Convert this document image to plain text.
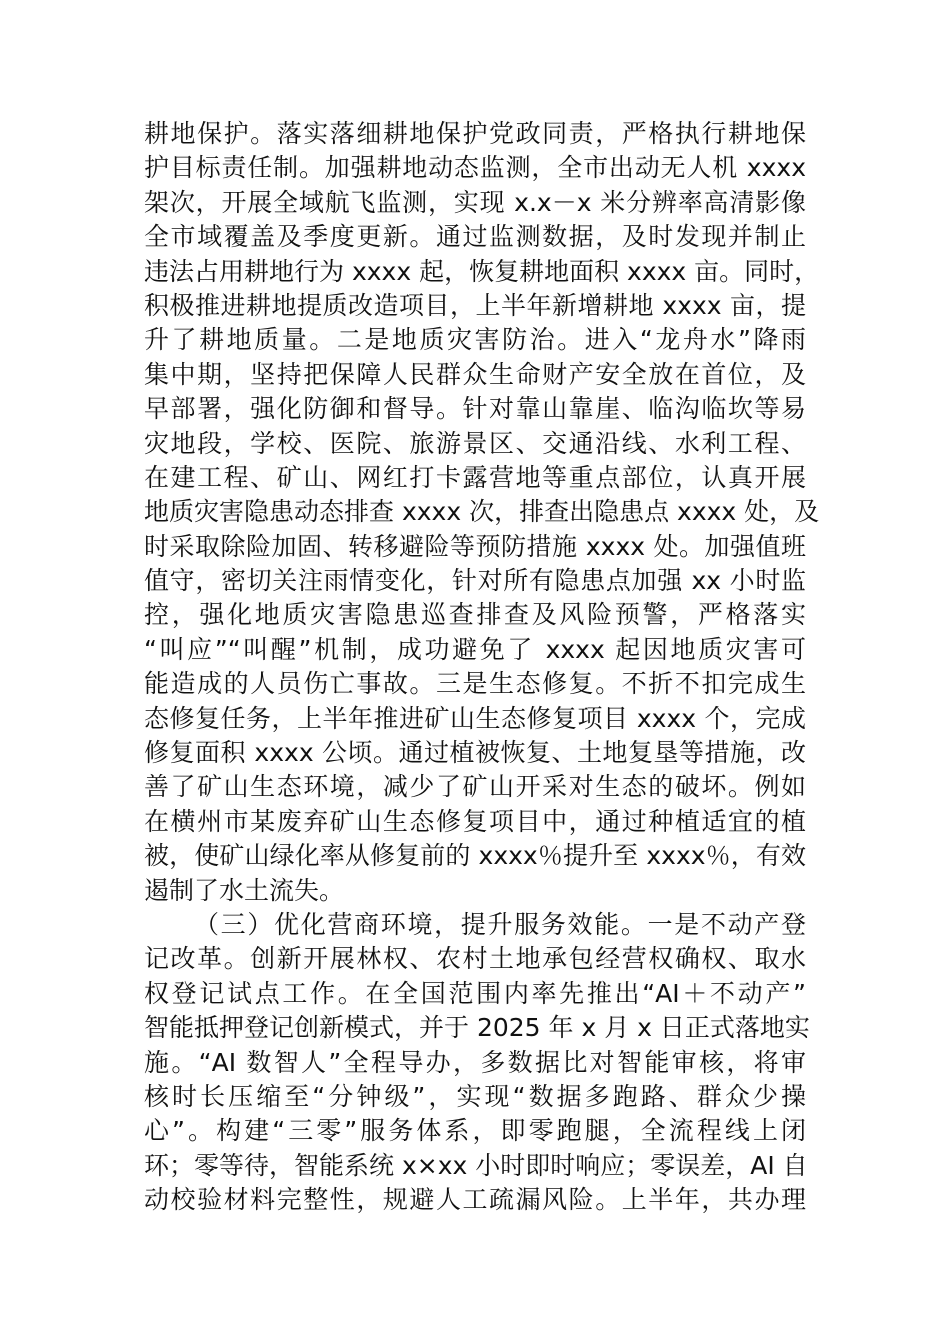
耕地保护。落实落细耕地保护党政同责，严格执行耕地保
护目标责任制。加强耕地动态监测，全市出动无人机 xxxx
架次，开展全域航飞监测，实现 x.x－x 米分辨率高清影像
全市域覆盖及季度更新。通过监测数据，及时发现并制止
违法占用耕地行为 xxxx 起，恢复耕地面积 xxxx 亩。同时，
积极推进耕地提质改造项目，上半年新增耕地 xxxx 亩，提
升了耕地质量。二是地质灾害防治。进入“龙舟水”降雨
集中期，坚持把保障人民群众生命财产安全放在首位，及
早部署，强化防御和督导。针对靠山靠崖、临沟临坎等易
灾地段，学校、医院、旅游景区、交通沿线、水利工程、
在建工程、矿山、网红打卡露营地等重点部位，认真开展
地质灾害隐患动态排查 xxxx 次，排查出隐患点 xxxx 处，及
时采取除险加固、转移避险等预防措施 xxxx 处。加强值班
值守，密切关注雨情变化，针对所有隐患点加强 xx 小时监
控，强化地质灾害隐患巡查排查及风险预警，严格落实
“叫应”“叫醒”机制，成功避免了 xxxx 起因地质灾害可
能造成的人员伤亡事故。三是生态修复。不折不扣完成生
态修复任务，上半年推进矿山生态修复项目 xxxx 个，完成
修复面积 xxxx 公顷。通过植被恢复、土地复垦等措施，改
善了矿山生态环境，减少了矿山开采对生态的破坏。例如
在横州市某废弃矿山生态修复项目中，通过种植适宜的植
被，使矿山绿化率从修复前的 xxxx％提升至 xxxx％，有效
遏制了水土流失。
（三）优化营商环境，提升服务效能。一是不动产登
记改革。创新开展林权、农村土地承包经营权确权、取水
权登记试点工作。在全国范围内率先推出“AI＋不动产”
智能抵押登记创新模式，并于 2025 年 x 月 x 日正式落地实
施。“AI 数智人”全程导办，多数据比对智能审核，将审
核时长压缩至“分钟级”，实现“数据多跑路、群众少操
心”。构建“三零”服务体系，即零跑腿，全流程线上闭
环；零等待，智能系统 x×xx 小时即时响应；零误差，AI 自
动校验材料完整性，规避人工疏漏风险。上半年，共办理
